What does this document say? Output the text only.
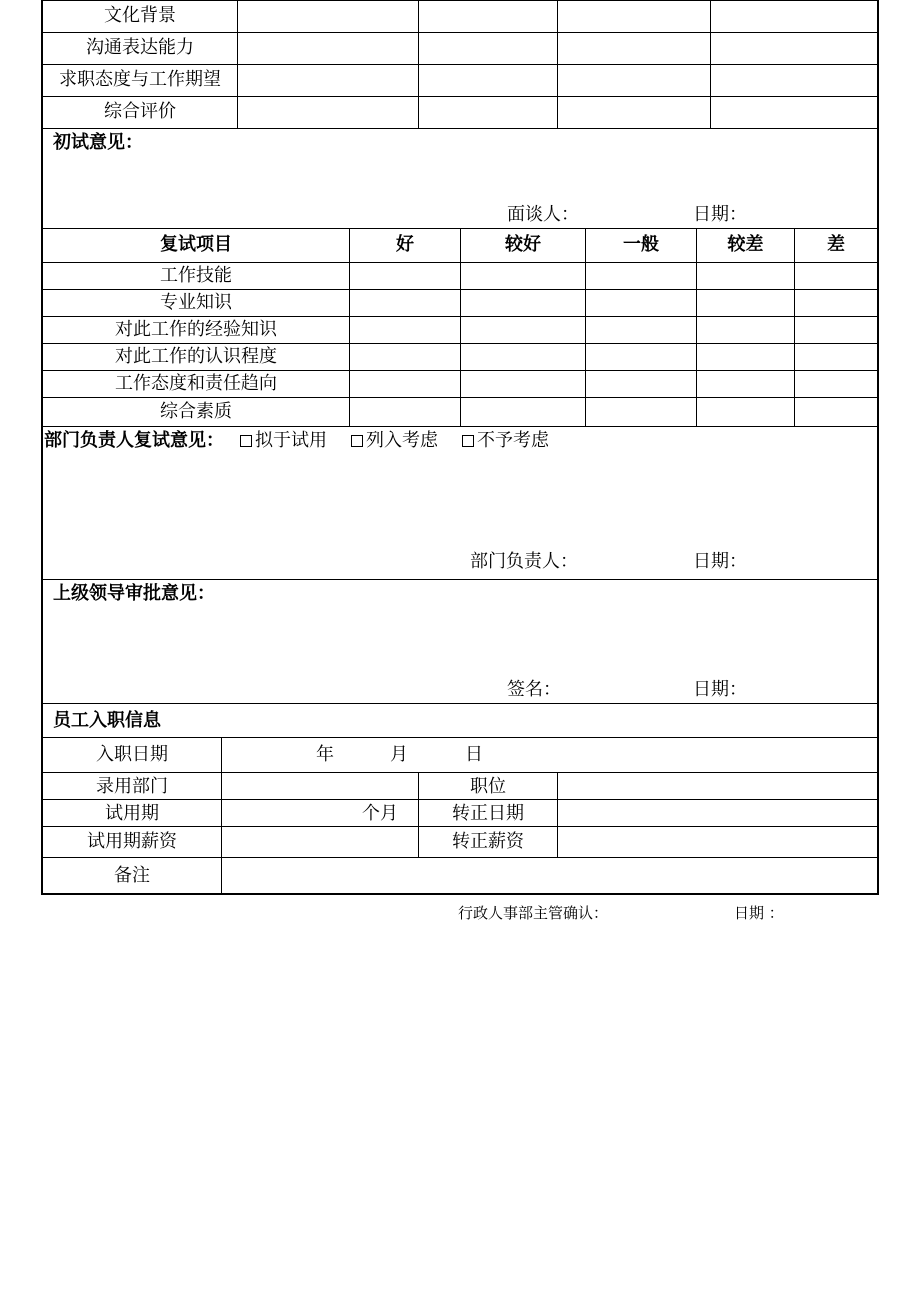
文化背景
沟通表达能力
求职态度与工作期望
综合评价
初试意见：
面谈人：	日期：
复试项目	好	较好	一般	较差	差
工作技能
专业知识
对此工作的经验知识
对此工作的认识程度
工作态度和责任趋向
综合素质
部门负责人复试意见：	拟于试用	列入考虑	不予考虑
部门负责人：	日期：
上级领导审批意见：
签名：	日期：
员工入职信息
入职日期	年	月	日
录用部门	职位
试用期	个月	转正日期
试用期薪资	转正薪资
备注
行政人事部主管确认：	日期 ：
